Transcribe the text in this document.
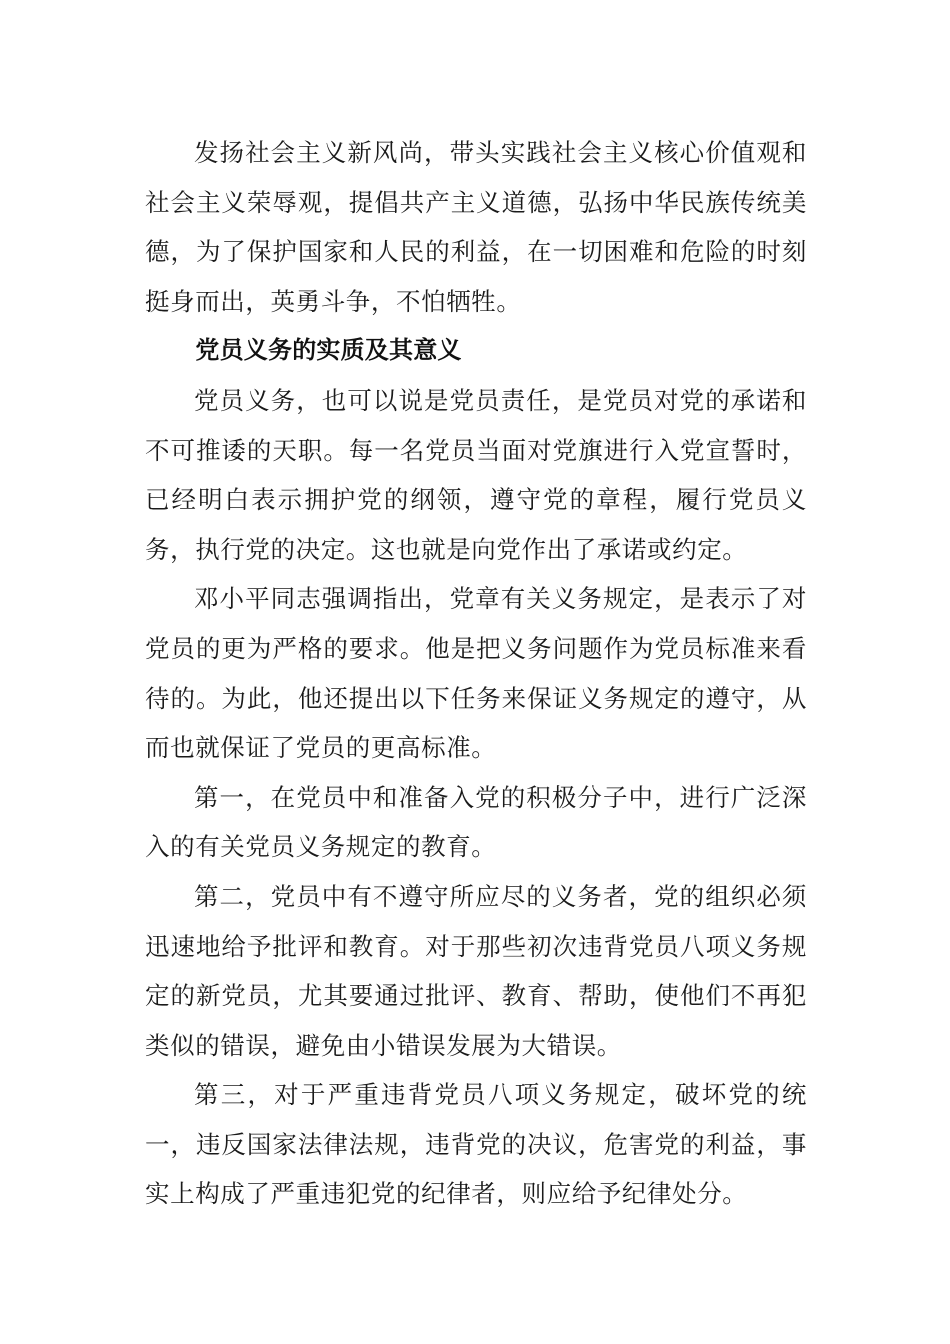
发扬社会主义新风尚，带头实践社会主义核心价值观和社会主义荣辱观，提倡共产主义道德，弘扬中华民族传统美德，为了保护国家和人民的利益，在一切困难和危险的时刻挺身而出，英勇斗争，不怕牺牲。

党员义务的实质及其意义

党员义务，也可以说是党员责任，是党员对党的承诺和不可推诿的天职。每一名党员当面对党旗进行入党宣誓时，已经明白表示拥护党的纲领，遵守党的章程，履行党员义务，执行党的决定。这也就是向党作出了承诺或约定。

邓小平同志强调指出，党章有关义务规定，是表示了对党员的更为严格的要求。他是把义务问题作为党员标准来看待的。为此，他还提出以下任务来保证义务规定的遵守，从而也就保证了党员的更高标准。

第一，在党员中和准备入党的积极分子中，进行广泛深入的有关党员义务规定的教育。

第二，党员中有不遵守所应尽的义务者，党的组织必须迅速地给予批评和教育。对于那些初次违背党员八项义务规定的新党员，尤其要通过批评、教育、帮助，使他们不再犯类似的错误，避免由小错误发展为大错误。

第三，对于严重违背党员八项义务规定，破坏党的统一，违反国家法律法规，违背党的决议，危害党的利益，事实上构成了严重违犯党的纪律者，则应给予纪律处分。
